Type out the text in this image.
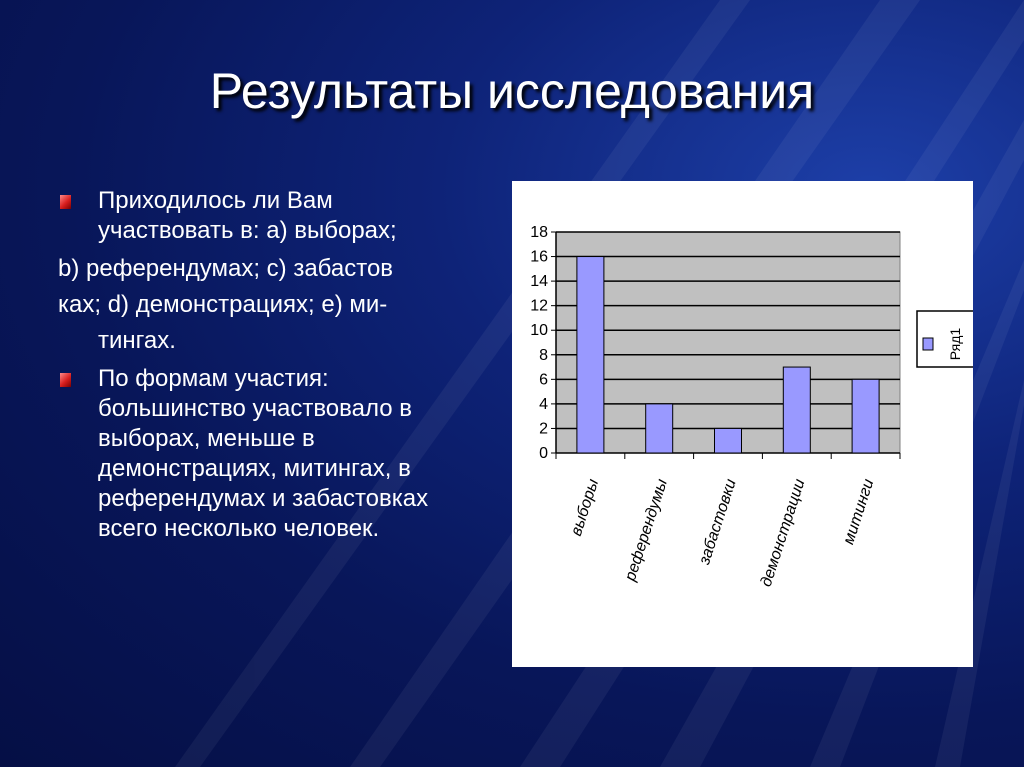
Результаты исследования
Приходилось ли Вам
участвовать в: а) выборах;
b) референдумах; c) забастов
ках; d) демонстрациях; e) ми-
тингах.
По формам участия:
большинство участвовало в
выборах, меньше в
демонстрациях, митингах, в
референдумах и забастовках
всего несколько человек.
0
2
4
6
8
10
12
14
16
18
выборы референдумы забастовки демонстрации митинги
Ряд1
